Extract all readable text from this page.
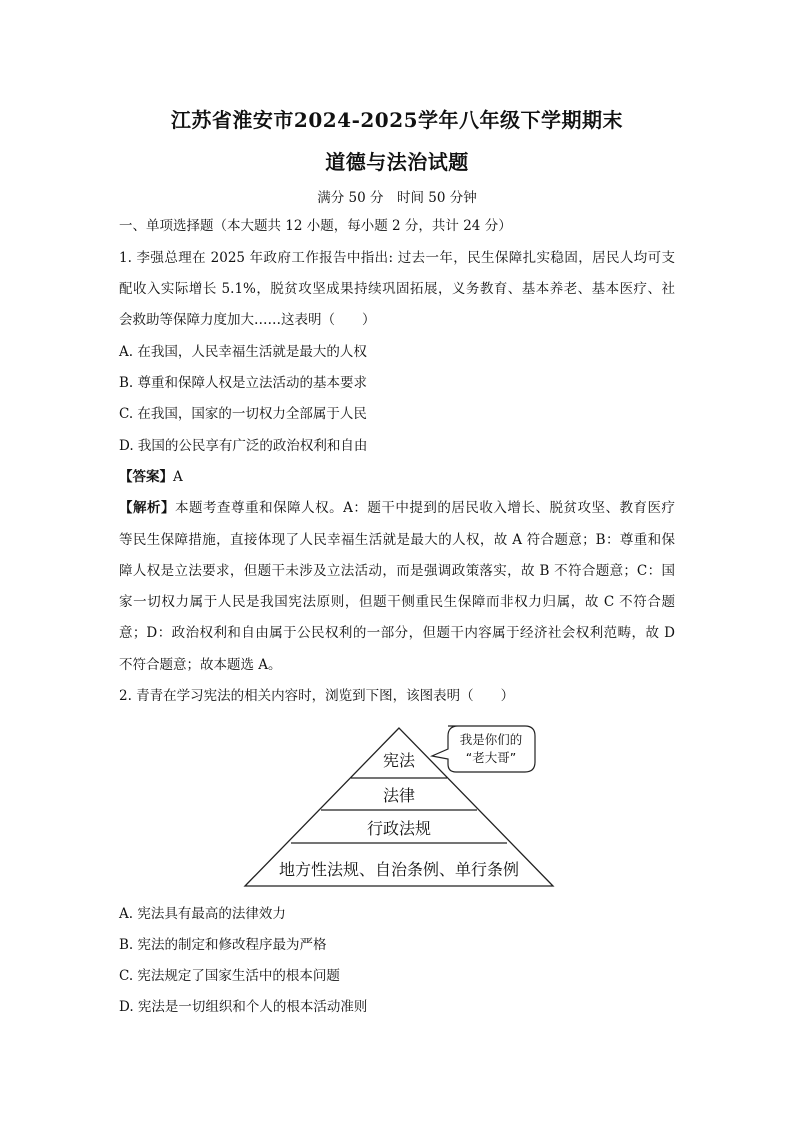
江苏省淮安市2024-2025学年八年级下学期期末
道德与法治试题
满分 50 分　时间 50 分钟
一、单项选择题（本大题共 12 小题，每小题 2 分，共计 24 分）
1. 李强总理在 2025 年政府工作报告中指出: 过去一年，民生保障扎实稳固，居民人均可支
配收入实际增长 5.1%，脱贫攻坚成果持续巩固拓展，义务教育、基本养老、基本医疗、社
会救助等保障力度加大……这表明（　　）
A. 在我国，人民幸福生活就是最大的人权
B. 尊重和保障人权是立法活动的基本要求
C. 在我国，国家的一切权力全部属于人民
D. 我国的公民享有广泛的政治权利和自由
【答案】A
【解析】本题考查尊重和保障人权。A：题干中提到的居民收入增长、脱贫攻坚、教育医疗
等民生保障措施，直接体现了人民幸福生活就是最大的人权，故 A 符合题意；B：尊重和保
障人权是立法要求，但题干未涉及立法活动，而是强调政策落实，故 B 不符合题意；C：国
家一切权力属于人民是我国宪法原则，但题干侧重民生保障而非权力归属，故 C 不符合题
意；D：政治权利和自由属于公民权利的一部分，但题干内容属于经济社会权利范畴，故 D
不符合题意；故本题选 A。
2. 青青在学习宪法的相关内容时，浏览到下图，该图表明（　　）
宪法
法律
行政法规
地方性法规、自治条例、单行条例
我是你们的
“老大哥”
A. 宪法具有最高的法律效力
B. 宪法的制定和修改程序最为严格
C. 宪法规定了国家生活中的根本问题
D. 宪法是一切组织和个人的根本活动准则
